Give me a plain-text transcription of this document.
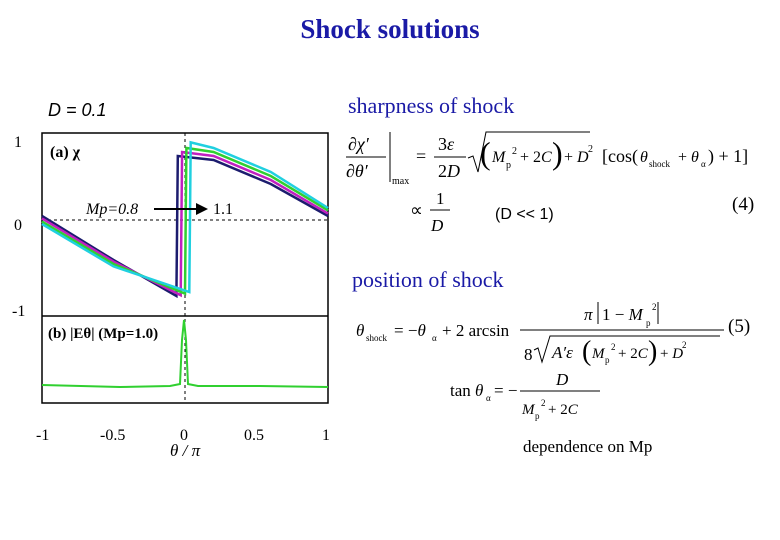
Shock solutions
D = 0.1
1
0
-1
-1	-0.5	0	0.5	1
θ / π
(a) χ
(b) |Eθ| (Mp=1.0)
Mp=0.8	1.1
sharpness of shock
position of shock
∂χ′
∂θ′
max
=
3ε
2D ( M p
2 + 2C ) + D 2 [cos( θ shock + θ α ) + 1]
∝
1
D
(D << 1)	(4)
θ shock = −θ α + 2 arcsin
π 1 − M p
2
8 A′ε ( M p
2 + 2C ) + D
2
tan θ α = −
D
M p
2 + 2C
(5)
dependence on Mp
